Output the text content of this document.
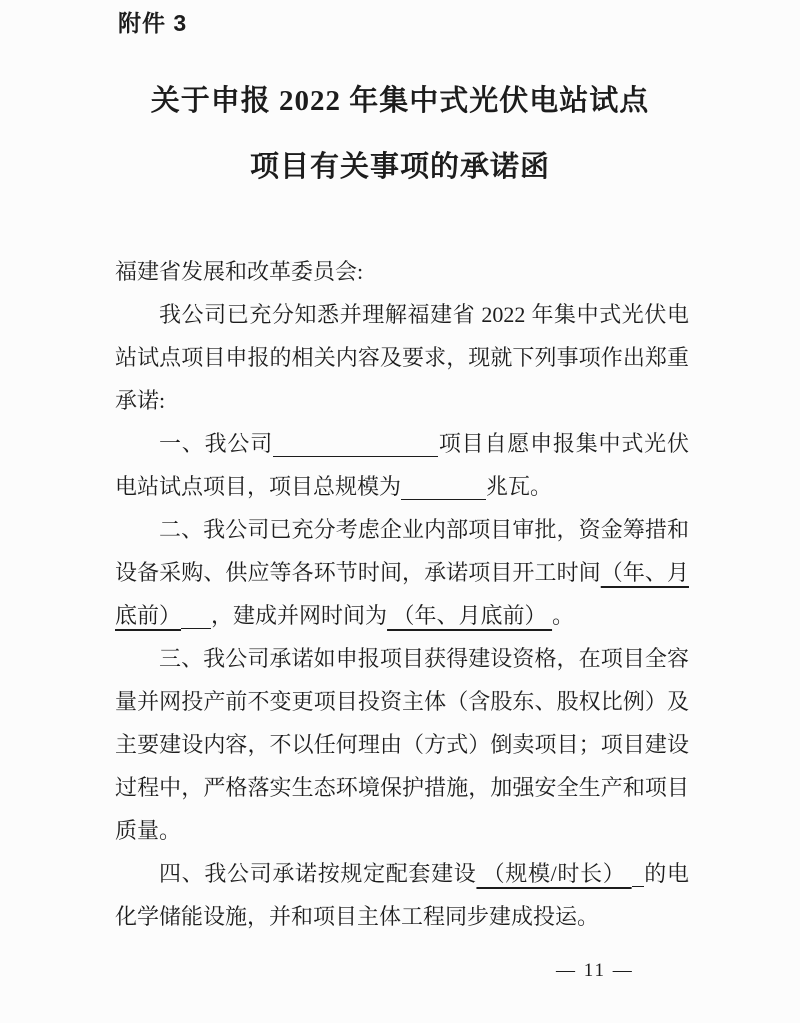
附件 3
关于申报 2022 年集中式光伏电站试点
项目有关事项的承诺函
福建省发展和改革委员会:

我公司已充分知悉并理解福建省 2022 年集中式光伏电站试点项目申报的相关内容及要求，现就下列事项作出郑重承诺:

一、我公司	项目自愿申报集中式光伏电站试点项目，项目总规模为	兆瓦。

二、我公司已充分考虑企业内部项目审批，资金筹措和设备采购、供应等各环节时间，承诺项目开工时间（年、月底前） ，建成并网时间为 （年、月底前） 。

三、我公司承诺如申报项目获得建设资格，在项目全容量并网投产前不变更项目投资主体（含股东、股权比例）及主要建设内容，不以任何理由（方式）倒卖项目；项目建设过程中，严格落实生态环境保护措施，加强安全生产和项目质量。

四、我公司承诺按规定配套建设 （规模/时长） 的电化学储能设施，并和项目主体工程同步建成投运。

— 11 —
